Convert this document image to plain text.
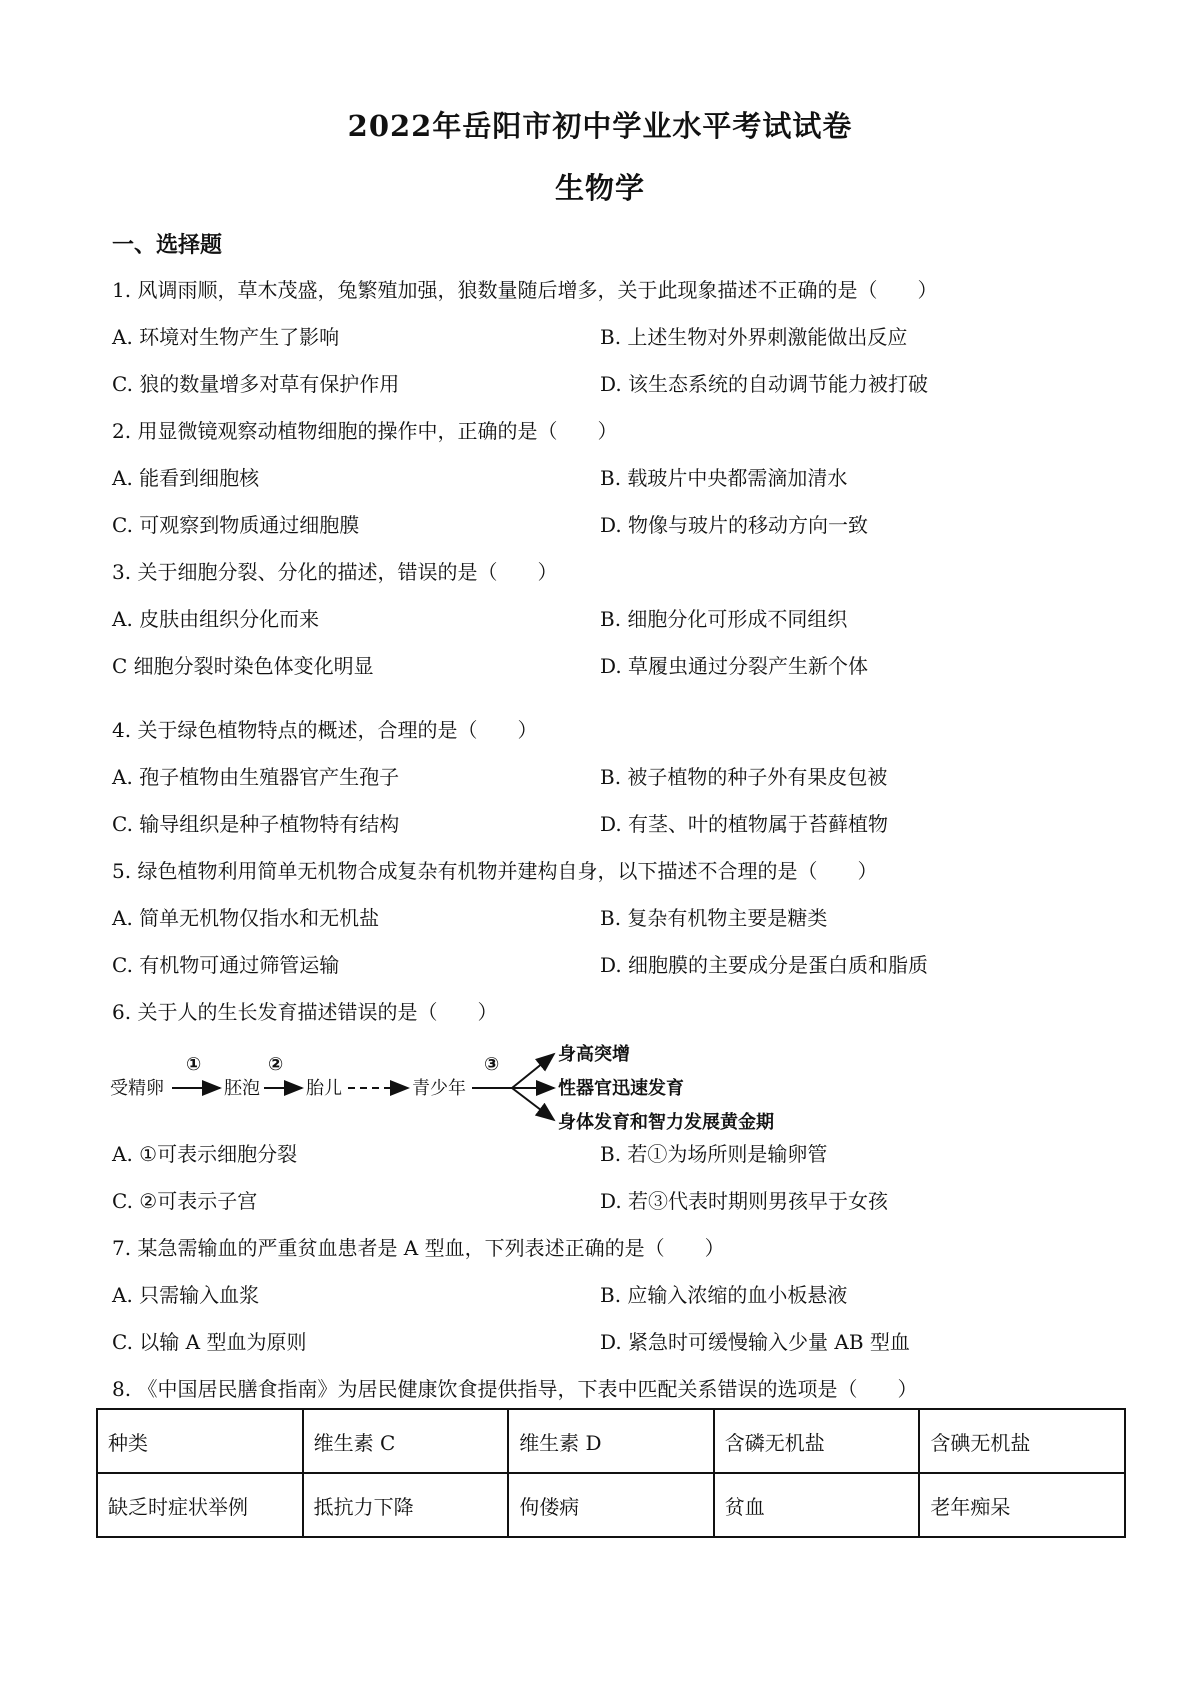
2022年岳阳市初中学业水平考试试卷
生物学
一、选择题
1. 风调雨顺，草木茂盛，兔繁殖加强，狼数量随后增多，关于此现象描述不正确的是（　　）
A. 环境对生物产生了影响	B. 上述生物对外界刺激能做出反应
C. 狼的数量增多对草有保护作用	D. 该生态系统的自动调节能力被打破
2. 用显微镜观察动植物细胞的操作中，正确的是（　　）
A. 能看到细胞核	B. 载玻片中央都需滴加清水
C. 可观察到物质通过细胞膜	D. 物像与玻片的移动方向一致
3. 关于细胞分裂、分化的描述，错误的是（　　）
A. 皮肤由组织分化而来	B. 细胞分化可形成不同组织
C 细胞分裂时染色体变化明显	D. 草履虫通过分裂产生新个体
4. 关于绿色植物特点的概述，合理的是（　　）
A. 孢子植物由生殖器官产生孢子	B. 被子植物的种子外有果皮包被
C. 输导组织是种子植物特有结构	D. 有茎、叶的植物属于苔藓植物
5. 绿色植物利用简单无机物合成复杂有机物并建构自身，以下描述不合理的是（　　）
A. 简单无机物仅指水和无机盐	B. 复杂有机物主要是糖类
C. 有机物可通过筛管运输	D. 细胞膜的主要成分是蛋白质和脂质
6. 关于人的生长发育描述错误的是（　　）
受精卵
①
胚泡
②
胎儿	青少年
③	身高突增
性器官迅速发育
身体发育和智力发展黄金期
A. ①可表示细胞分裂	B. 若①为场所则是输卵管
C. ②可表示子宫	D. 若③代表时期则男孩早于女孩
7. 某急需输血的严重贫血患者是 A 型血，下列表述正确的是（　　）
A. 只需输入血浆	B. 应输入浓缩的血小板悬液
C. 以输 A 型血为原则	D. 紧急时可缓慢输入少量 AB 型血
8. 《中国居民膳食指南》为居民健康饮食提供指导，下表中匹配关系错误的选项是（　　）
种类	维生素 C	维生素 D	含磷无机盐	含碘无机盐
缺乏时症状举例	抵抗力下降	佝偻病	贫血	老年痴呆
